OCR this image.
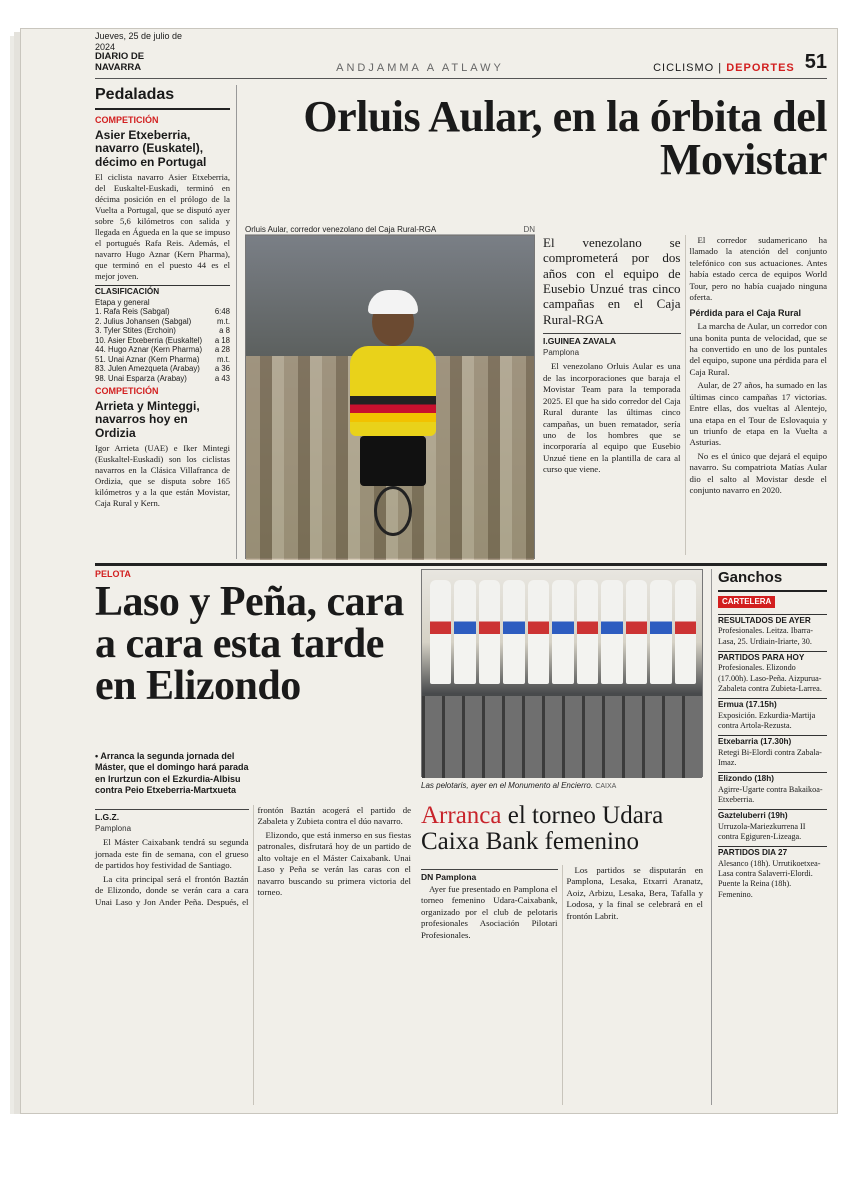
Jueves, 25 de julio de 2024
DIARIO DE NAVARRA	ANDJAMMA A ATLAWY	CICLISMO | DEPORTES 51
Pedaladas
COMPETICIÓN
Asier Etxeberria, navarro (Euskatel), décimo en Portugal
El ciclista navarro Asier Etxeberria, del Euskaltel-Euskadi, terminó en décima posición en el prólogo de la Vuelta a Portugal, que se disputó ayer sobre 5,6 kilómetros con salida y llegada en Águeda en la que se impuso el portugués Rafa Reis. Además, el navarro Hugo Aznar (Kern Pharma), que terminó en el puesto 44 es el mejor joven.
CLASIFICACIÓN
Etapa y general
1. Rafa Reis (Sabgal)	6:48
2. Julius Johansen (Sabgal)	m.t.
3. Tyler Stites (Erchoin)	a 8
10. Asier Etxeberria (Euskaltel) a 18
44. Hugo Aznar (Kern Pharma) a 28
51. Unai Aznar (Kern Pharma) m.t.
83. Julen Amezqueta (Arabay) a 36
98. Unai Esparza (Arabay)	a 43
COMPETICIÓN
Arrieta y Minteggi, navarros hoy en Ordizia
Igor Arrieta (UAE) e Iker Mintegi (Euskaltel-Euskadi) son los ciclistas navarros en la Clásica Villafranca de Ordizia, que se disputa sobre 165 kilómetros y a la que están Movistar, Caja Rural y Kern.
Orluis Aular, en la órbita del Movistar
Orluis Aular, corredor venezolano del Caja Rural-RGA	DN
El venezolano se comprometerá por dos años con el equipo de Eusebio Unzué tras cinco campañas en el Caja Rural-RGA
I.GUINEA ZAVALA
Pamplona

El venezolano Orluis Aular es una de las incorporaciones que baraja el Movistar Team para la temporada 2025. El que ha sido corredor del Caja Rural durante las últimas cinco campañas, un buen rematador, sería uno de los hombres que se incorporaría al equipo que Eusebio Unzué tiene en la plantilla de cara al curso que viene.

El corredor sudamericano ha llamado la atención del conjunto telefónico con sus actuaciones. Antes había estado cerca de equipos World Tour, pero no había cuajado ninguna oferta.

Pérdida para el Caja Rural

La marcha de Aular, un corredor con una bonita punta de velocidad, que se ha convertido en uno de los puntales del equipo, supone una pérdida para el Caja Rural.

Aular, de 27 años, ha sumado en las últimas cinco campañas 17 victorias. Entre ellas, dos vueltas al Alentejo, una etapa en el Tour de Eslovaquia y un triunfo de etapa en la Vuelta a Asturias.

No es el único que dejará el equipo navarro. Su compatriota Matías Aular dio el salto al Movistar desde el conjunto navarro en 2020.

PELOTA
Laso y Peña, cara a cara esta tarde en Elizondo
• Arranca la segunda jornada del Máster, que el domingo hará parada en Irurtzun con el Ezkurdia-Albisu contra Peio Etxeberria-Martxueta
L.G.Z.
Pamplona

El Máster Caixabank tendrá su segunda jornada este fin de semana, con el grueso de partidos hoy festividad de Santiago.

La cita principal será el frontón Baztán de Elizondo, donde se verán cara a cara Unai Laso y Jon Ander Peña. Después, el frontón Baztán acogerá el partido de Zabaleta y Zubieta contra el dúo navarro.

Elizondo, que está inmerso en sus fiestas patronales, disfrutará hoy de un partido de alto voltaje en el Máster Caixabank. Unai Laso y Peña se verán las caras con el navarro buscando su primera victoria del torneo.

Las pelotaris, ayer en el Monumento al Encierro. CAIXA
Arranca el torneo Udara Caixa Bank femenino
DN Pamplona

Ayer fue presentado en Pamplona el torneo femenino Udara-Caixabank, organizado por el club de pelotaris profesionales Asociación Pilotari Profesionales.

Los partidos se disputarán en Pamplona, Lesaka, Etxarri Aranatz, Aoiz, Arbizu, Lesaka, Bera, Tafalla y Lodosa, y la final se celebrará en el frontón Labrit.

Ganchos
CARTELERA
RESULTADOS DE AYER
Profesionales. Leitza. Ibarra-Lasa, 25. Urdiain-Iriarte, 30.
PARTIDOS PARA HOY
Profesionales. Elizondo (17.00h). Laso-Peña. Aizpurua-Zabaleta contra Zubieta-Larrea.
Ermua (17.15h)
Exposición. Ezkurdia-Martija contra Artola-Rezusta.
Etxebarria (17.30h)
Retegi Bi-Elordi contra Zabala-Imaz.
Elizondo (18h)
Agirre-Ugarte contra Bakaikoa-Etxeberria.
Gazteluberri (19h)
Urruzola-Mariezkurrena II contra Egiguren-Lizeaga.
PARTIDOS DIA 27
Alesanco (18h). Urrutikoetxea-Lasa contra Salaverri-Elordi. Puente la Reina (18h). Femenino.
